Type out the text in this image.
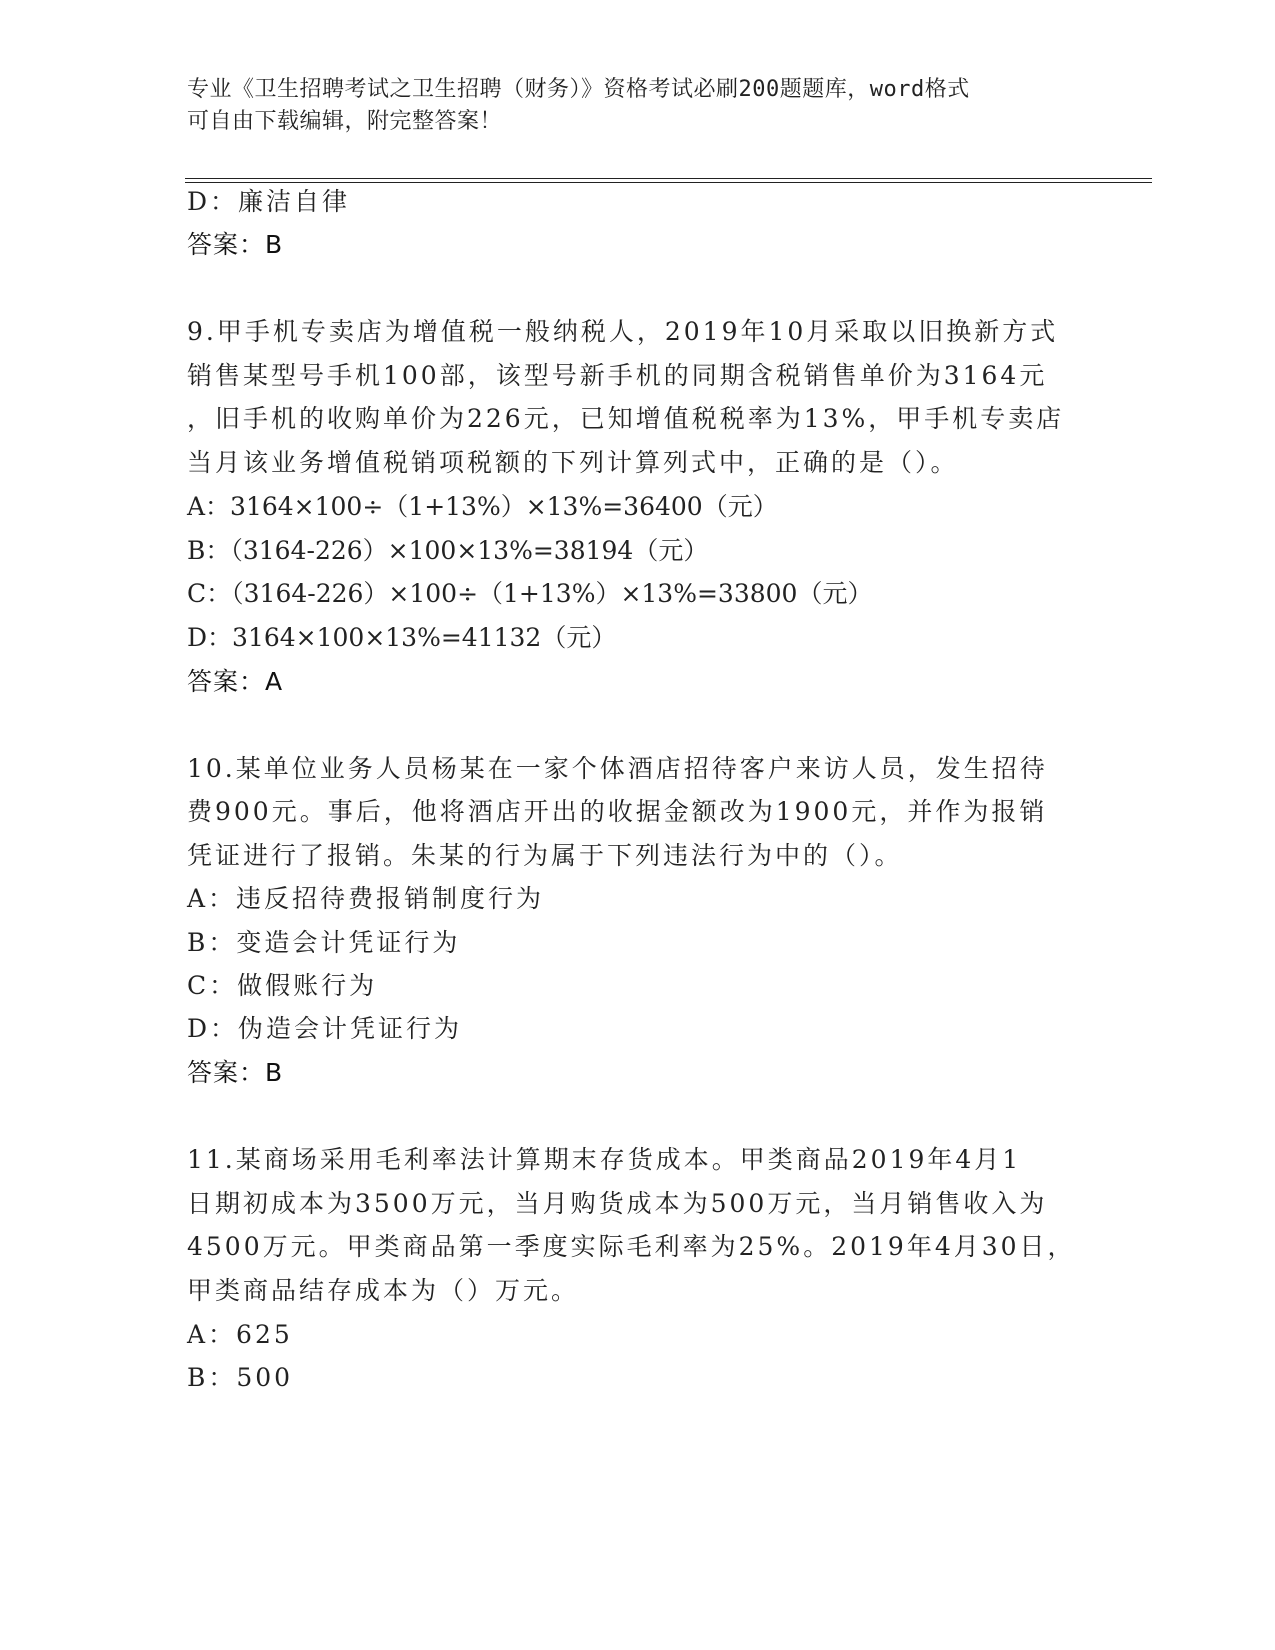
专业《卫生招聘考试之卫生招聘（财务）》资格考试必刷200题题库，word格式
可自由下载编辑，附完整答案！
D：廉洁自律
答案：B
9.甲手机专卖店为增值税一般纳税人，2019年10月采取以旧换新方式
销售某型号手机100部，该型号新手机的同期含税销售单价为3164元
，旧手机的收购单价为226元，已知增值税税率为13%，甲手机专卖店
当月该业务增值税销项税额的下列计算列式中，正确的是（）。
A：3164×100÷（1+13%）×13%=36400（元）
B：（3164-226）×100×13%=38194（元）
C：（3164-226）×100÷（1+13%）×13%=33800（元）
D：3164×100×13%=41132（元）
答案：A
10.某单位业务人员杨某在一家个体酒店招待客户来访人员，发生招待
费900元。事后，他将酒店开出的收据金额改为1900元，并作为报销
凭证进行了报销。朱某的行为属于下列违法行为中的（）。
A：违反招待费报销制度行为
B：变造会计凭证行为
C：做假账行为
D：伪造会计凭证行为
答案：B
11.某商场采用毛利率法计算期末存货成本。甲类商品2019年4月1
日期初成本为3500万元，当月购货成本为500万元，当月销售收入为
4500万元。甲类商品第一季度实际毛利率为25%。2019年4月30日，
甲类商品结存成本为（）万元。
A：625
B：500
